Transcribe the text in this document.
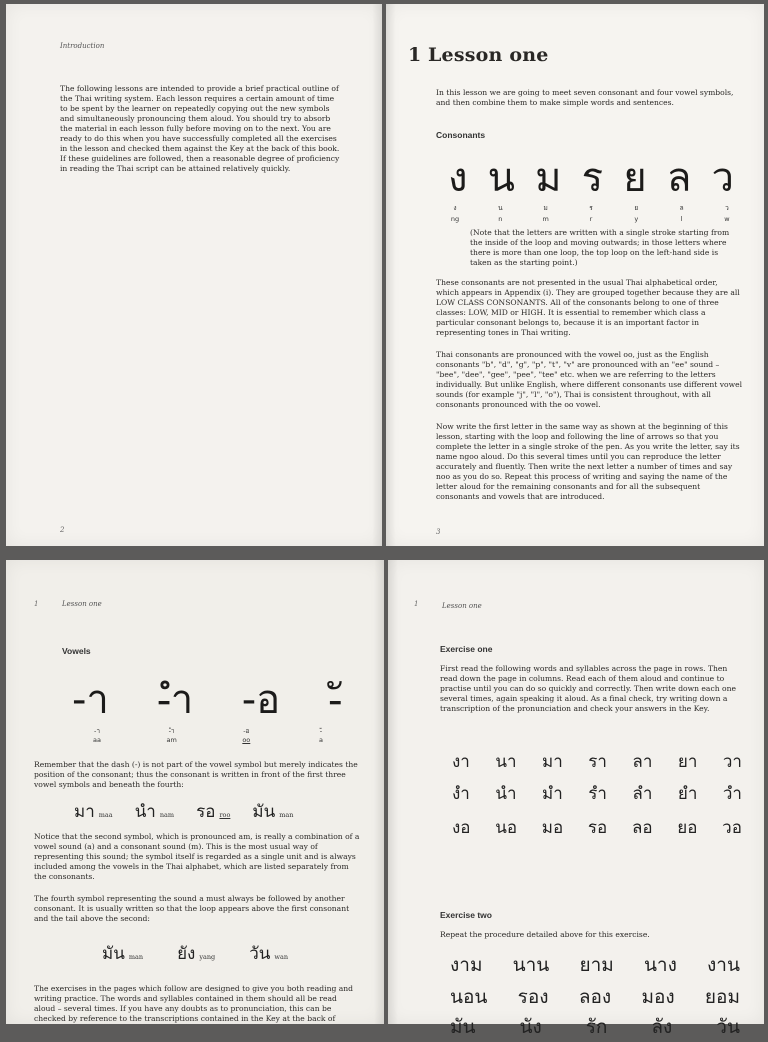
Introduction

The following lessons are intended to provide a brief practical outline of the Thai writing system. Each lesson requires a certain amount of time to be spent by the learner on repeatedly copying out the new symbols and simultaneously pronouncing them aloud. You should try to absorb the material in each lesson fully before moving on to the next. You are ready to do this when you have successfully completed all the exercises in the lesson and checked them against the Key at the back of this book. If these guidelines are followed, then a reasonable degree of proficiency in reading the Thai script can be attained relatively quickly.

2
1 Lesson one

In this lesson we are going to meet seven consonant and four vowel symbols, and then combine them to make simple words and sentences.

Consonants
ง น ม ร ย ล ว
ง	น	ม	ร	ย	ล	ว
ng	n	m	r	y	l	w

(Note that the letters are written with a single stroke starting from the inside of the loop and moving outwards; in those letters where there is more than one loop, the top loop on the left-hand side is taken as the starting point.)

These consonants are not presented in the usual Thai alphabetical order, which appears in Appendix (i). They are grouped together because they are all LOW CLASS CONSONANTS. All of the consonants belong to one of three classes: LOW, MID or HIGH. It is essential to remember which class a particular consonant belongs to, because it is an important factor in representing tones in Thai writing.

Thai consonants are pronounced with the vowel oo, just as the English consonants "b", "d", "g", "p", "t", "v" are pronounced with an "ee" sound – "bee", "dee", "gee", "pee", "tee" etc. when we are referring to the letters individually. But unlike English, where different consonants use different vowel sounds (for example "j", "l", "o"), Thai is consistent throughout, with all consonants pronounced with the oo vowel.

Now write the first letter in the same way as shown at the beginning of this lesson, starting with the loop and following the line of arrows so that you complete the letter in a single stroke of the pen. As you write the letter, say its name ngoo aloud. Do this several times until you can reproduce the letter accurately and fluently. Then write the next letter a number of times and say noo as you do so. Repeat this process of writing and saying the name of the letter aloud for the remaining consonants and for all the subsequent consonants and vowels that are introduced.

3
1	Lesson one
Vowels
-า -ำ -อ -ั
-า	-ำ	-อ	-ั
aa	am	oo	a

Remember that the dash (-) is not part of the vowel symbol but merely indicates the position of the consonant; thus the consonant is written in front of the first three vowel symbols and beneath the fourth:

มา maa นำ nam รอ roo มัน man

Notice that the second symbol, which is pronounced am, is really a combination of a vowel sound (a) and a consonant sound (m). This is the most usual way of representing this sound; the symbol itself is regarded as a single unit and is always included among the vowels in the Thai alphabet, which are listed separately from the consonants.

The fourth symbol representing the sound a must always be followed by another consonant. It is usually written so that the loop appears above the first consonant and the tail above the second:

มัน man ยัง yang วัน wan

The exercises in the pages which follow are designed to give you both reading and writing practice. The words and syllables contained in them should all be read aloud – several times. If you have any doubts as to pronunciation, this can be checked by reference to the transcriptions contained in the Key at the back of

1	Lesson one
Exercise one

First read the following words and syllables across the page in rows. Then read down the page in columns. Read each of them aloud and continue to practise until you can do so quickly and correctly. Then write down each one several times, again speaking it aloud. As a final check, try writing down a transcription of the pronunciation and check your answers in the Key.

งา นา มา รา ลา ยา วา
งำ นำ มำ รำ ลำ ยำ วำ
งอ นอ มอ รอ ลอ ยอ วอ
Exercise two

Repeat the procedure detailed above for this exercise.

งาม นาน ยาม นาง งาน
นอน รอง ลอง มอง ยอม
มัน นัง รัก ลัง วัน
